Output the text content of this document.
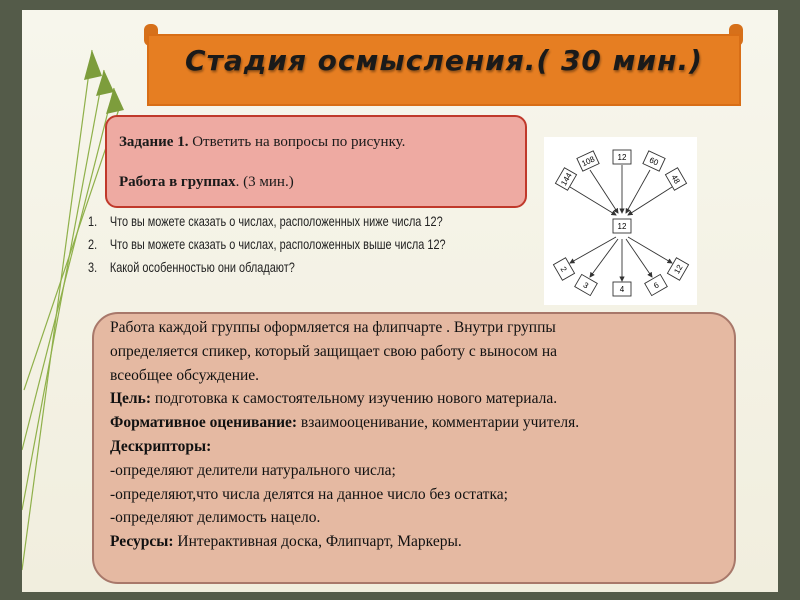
Стадия осмысления.( 30 мин.)

Задание 1. Ответить на вопросы по рисунку.

Работа в группах. (3 мин.)

1. Что вы можете сказать о числах, расположенных ниже числа 12?
2. Что вы можете сказать о числах, расположенных выше числа 12?
3. Какой особенностью они обладают?
144
108	12	60
48
12
2
3	4	6
12

Работа каждой группы оформляется на флипчарте . Внутри группы

определяется спикер, который защищает свою работу с выносом на

всеобщее обсуждение.

Цель: подготовка к самостоятельному изучению нового материала.

Формативное оценивание: взаимооценивание, комментарии учителя.

Дескрипторы:

-определяют делители натурального числа;

-определяют,что числа делятся на данное число без остатка;

-определяют делимость нацело.

Ресурсы: Интерактивная доска, Флипчарт, Маркеры.
